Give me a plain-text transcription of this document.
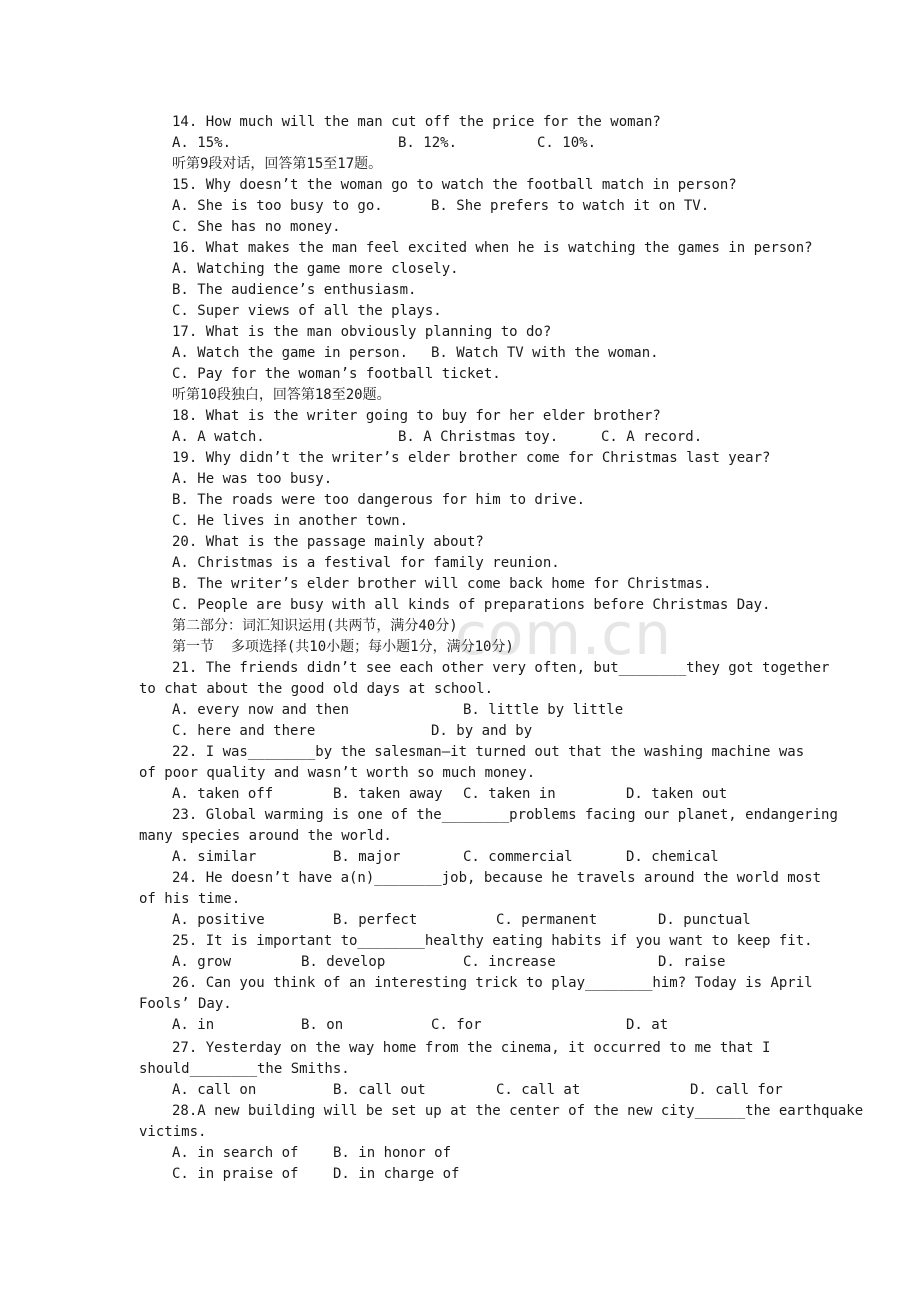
com.cn
14. How much will the man cut off the price for the woman?
A. 15%.	B. 12%.	C. 10%.
听第9段对话，回答第15至17题。
15. Why doesn’t the woman go to watch the football match in person?
A. She is too busy to go.	B. She prefers to watch it on TV.
C. She has no money.
16. What makes the man feel excited when he is watching the games in person?
A. Watching the game more closely.
B. The audience’s enthusiasm.
C. Super views of all the plays.
17. What is the man obviously planning to do?
A. Watch the game in person. B. Watch TV with the woman.
C. Pay for the woman’s football ticket.
听第10段独白，回答第18至20题。
18. What is the writer going to buy for her elder brother?
A. A watch.	B. A Christmas toy.	C. A record.
19. Why didn’t the writer’s elder brother come for Christmas last year?
A. He was too busy.
B. The roads were too dangerous for him to drive.
C. He lives in another town.
20. What is the passage mainly about?
A. Christmas is a festival for family reunion.
B. The writer’s elder brother will come back home for Christmas.
C. People are busy with all kinds of preparations before Christmas Day.
第二部分：词汇知识运用(共两节，满分40分)
第一节  多项选择(共10小题；每小题1分，满分10分)
21. The friends didn’t see each other very often, but________they got together
to chat about the good old days at school.
A. every now and then	B. little by little
C. here and there	D. by and by
22. I was________by the salesman—it turned out that the washing machine was
of poor quality and wasn’t worth so much money.
A. taken off	B. taken away C. taken in	D. taken out
23. Global warming is one of the________problems facing our planet, endangering
many species around the world.
A. similar	B. major	C. commercial	D. chemical
24. He doesn’t have a(n)________job, because he travels around the world most
of his time.
A. positive	B. perfect	C. permanent	D. punctual
25. It is important to________healthy eating habits if you want to keep fit.
A. grow	B. develop	C. increase	D. raise
26. Can you think of an interesting trick to play________him? Today is April
Fools’ Day.
A. in	B. on	C. for	D. at
27. Yesterday on the way home from the cinema, it occurred to me that I
should________the Smiths.
A. call on	B. call out	C. call at	D. call for
28.A new building will be set up at the center of the new city______the earthquake
victims.
A. in search of B. in honor of
C. in praise of D. in charge of
